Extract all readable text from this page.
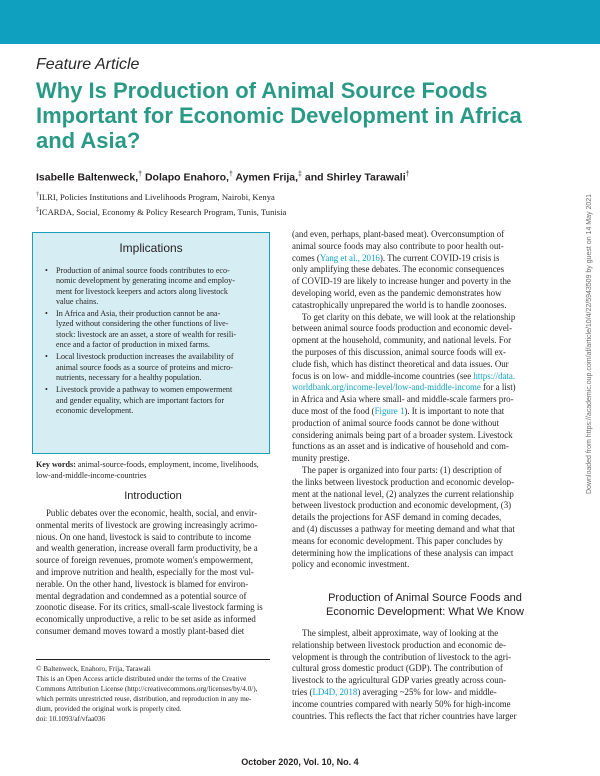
Feature Article
Why Is Production of Animal Source Foods
Important for Economic Development in Africa
and Asia?
Isabelle Baltenweck,† Dolapo Enahoro,† Aymen Frija,‡ and Shirley Tarawali†
†ILRI, Policies Institutions and Livelihoods Program, Nairobi, Kenya
‡ICARDA, Social, Economy & Policy Research Program, Tunis, Tunisia
Implications
• Production of animal source foods contributes to eco-
nomic development by generating income and employ-
ment for livestock keepers and actors along livestock
value chains.
• In Africa and Asia, their production cannot be ana-
lyzed without considering the other functions of live-
stock: livestock are an asset, a store of wealth for resili-
ence and a factor of production in mixed farms.
• Local livestock production increases the availability of
animal source foods as a source of proteins and micro-
nutrients, necessary for a healthy population.
• Livestock provide a pathway to women empowerment
and gender equality, which are important factors for
economic development.
Key words: animal-source-foods, employment, income, livelihoods,
low-and-middle-income-countries
Introduction
Public debates over the economic, health, social, and envir-
onmental merits of livestock are growing increasingly acrimo-
nious. On one hand, livestock is said to contribute to income
and wealth generation, increase overall farm productivity, be a
source of foreign revenues, promote women's empowerment,
and improve nutrition and health, especially for the most vul-
nerable. On the other hand, livestock is blamed for environ-
mental degradation and condemned as a potential source of
zoonotic disease. For its critics, small-scale livestock farming is
economically unproductive, a relic to be set aside as informed
consumer demand moves toward a mostly plant-based diet
© Baltenweck, Enahoro, Frija, Tarawali
This is an Open Access article distributed under the terms of the Creative
Commons Attribution License (http://creativecommons.org/licenses/by/4.0/),
which permits unrestricted reuse, distribution, and reproduction in any me-
dium, provided the original work is properly cited.
doi: 10.1093/af/vfaa036
(and even, perhaps, plant-based meat). Overconsumption of
animal source foods may also contribute to poor health out-
comes (Yang et al., 2016). The current COVID-19 crisis is
only amplifying these debates. The economic consequences
of COVID-19 are likely to increase hunger and poverty in the
developing world, even as the pandemic demonstrates how
catastrophically unprepared the world is to handle zoonoses.
To get clarity on this debate, we will look at the relationship
between animal source foods production and economic devel-
opment at the household, community, and national levels. For
the purposes of this discussion, animal source foods will ex-
clude fish, which has distinct theoretical and data issues. Our
focus is on low- and middle-income countries (see https://data.
worldbank.org/income-level/low-and-middle-income for a list)
in Africa and Asia where small- and middle-scale farmers pro-
duce most of the food (Figure 1). It is important to note that
production of animal source foods cannot be done without
considering animals being part of a broader system. Livestock
functions as an asset and is indicative of household and com-
munity prestige.
The paper is organized into four parts: (1) description of
the links between livestock production and economic develop-
ment at the national level, (2) analyzes the current relationship
between livestock production and economic development, (3)
details the projections for ASF demand in coming decades,
and (4) discusses a pathway for meeting demand and what that
means for economic development. This paper concludes by
determining how the implications of these analysis can impact
policy and economic investment.
Production of Animal Source Foods and
Economic Development: What We Know
The simplest, albeit approximate, way of looking at the
relationship between livestock production and economic de-
velopment is through the contribution of livestock to the agri-
cultural gross domestic product (GDP). The contribution of
livestock to the agricultural GDP varies greatly across coun-
tries (LD4D, 2018) averaging ~25% for low- and middle-
income countries compared with nearly 50% for high-income
countries. This reflects the fact that richer countries have larger
October 2020, Vol. 10, No. 4
Downloaded from https://academic.oup.com/af/article/10/4/22/5943509 by guest on 14 May 2021
